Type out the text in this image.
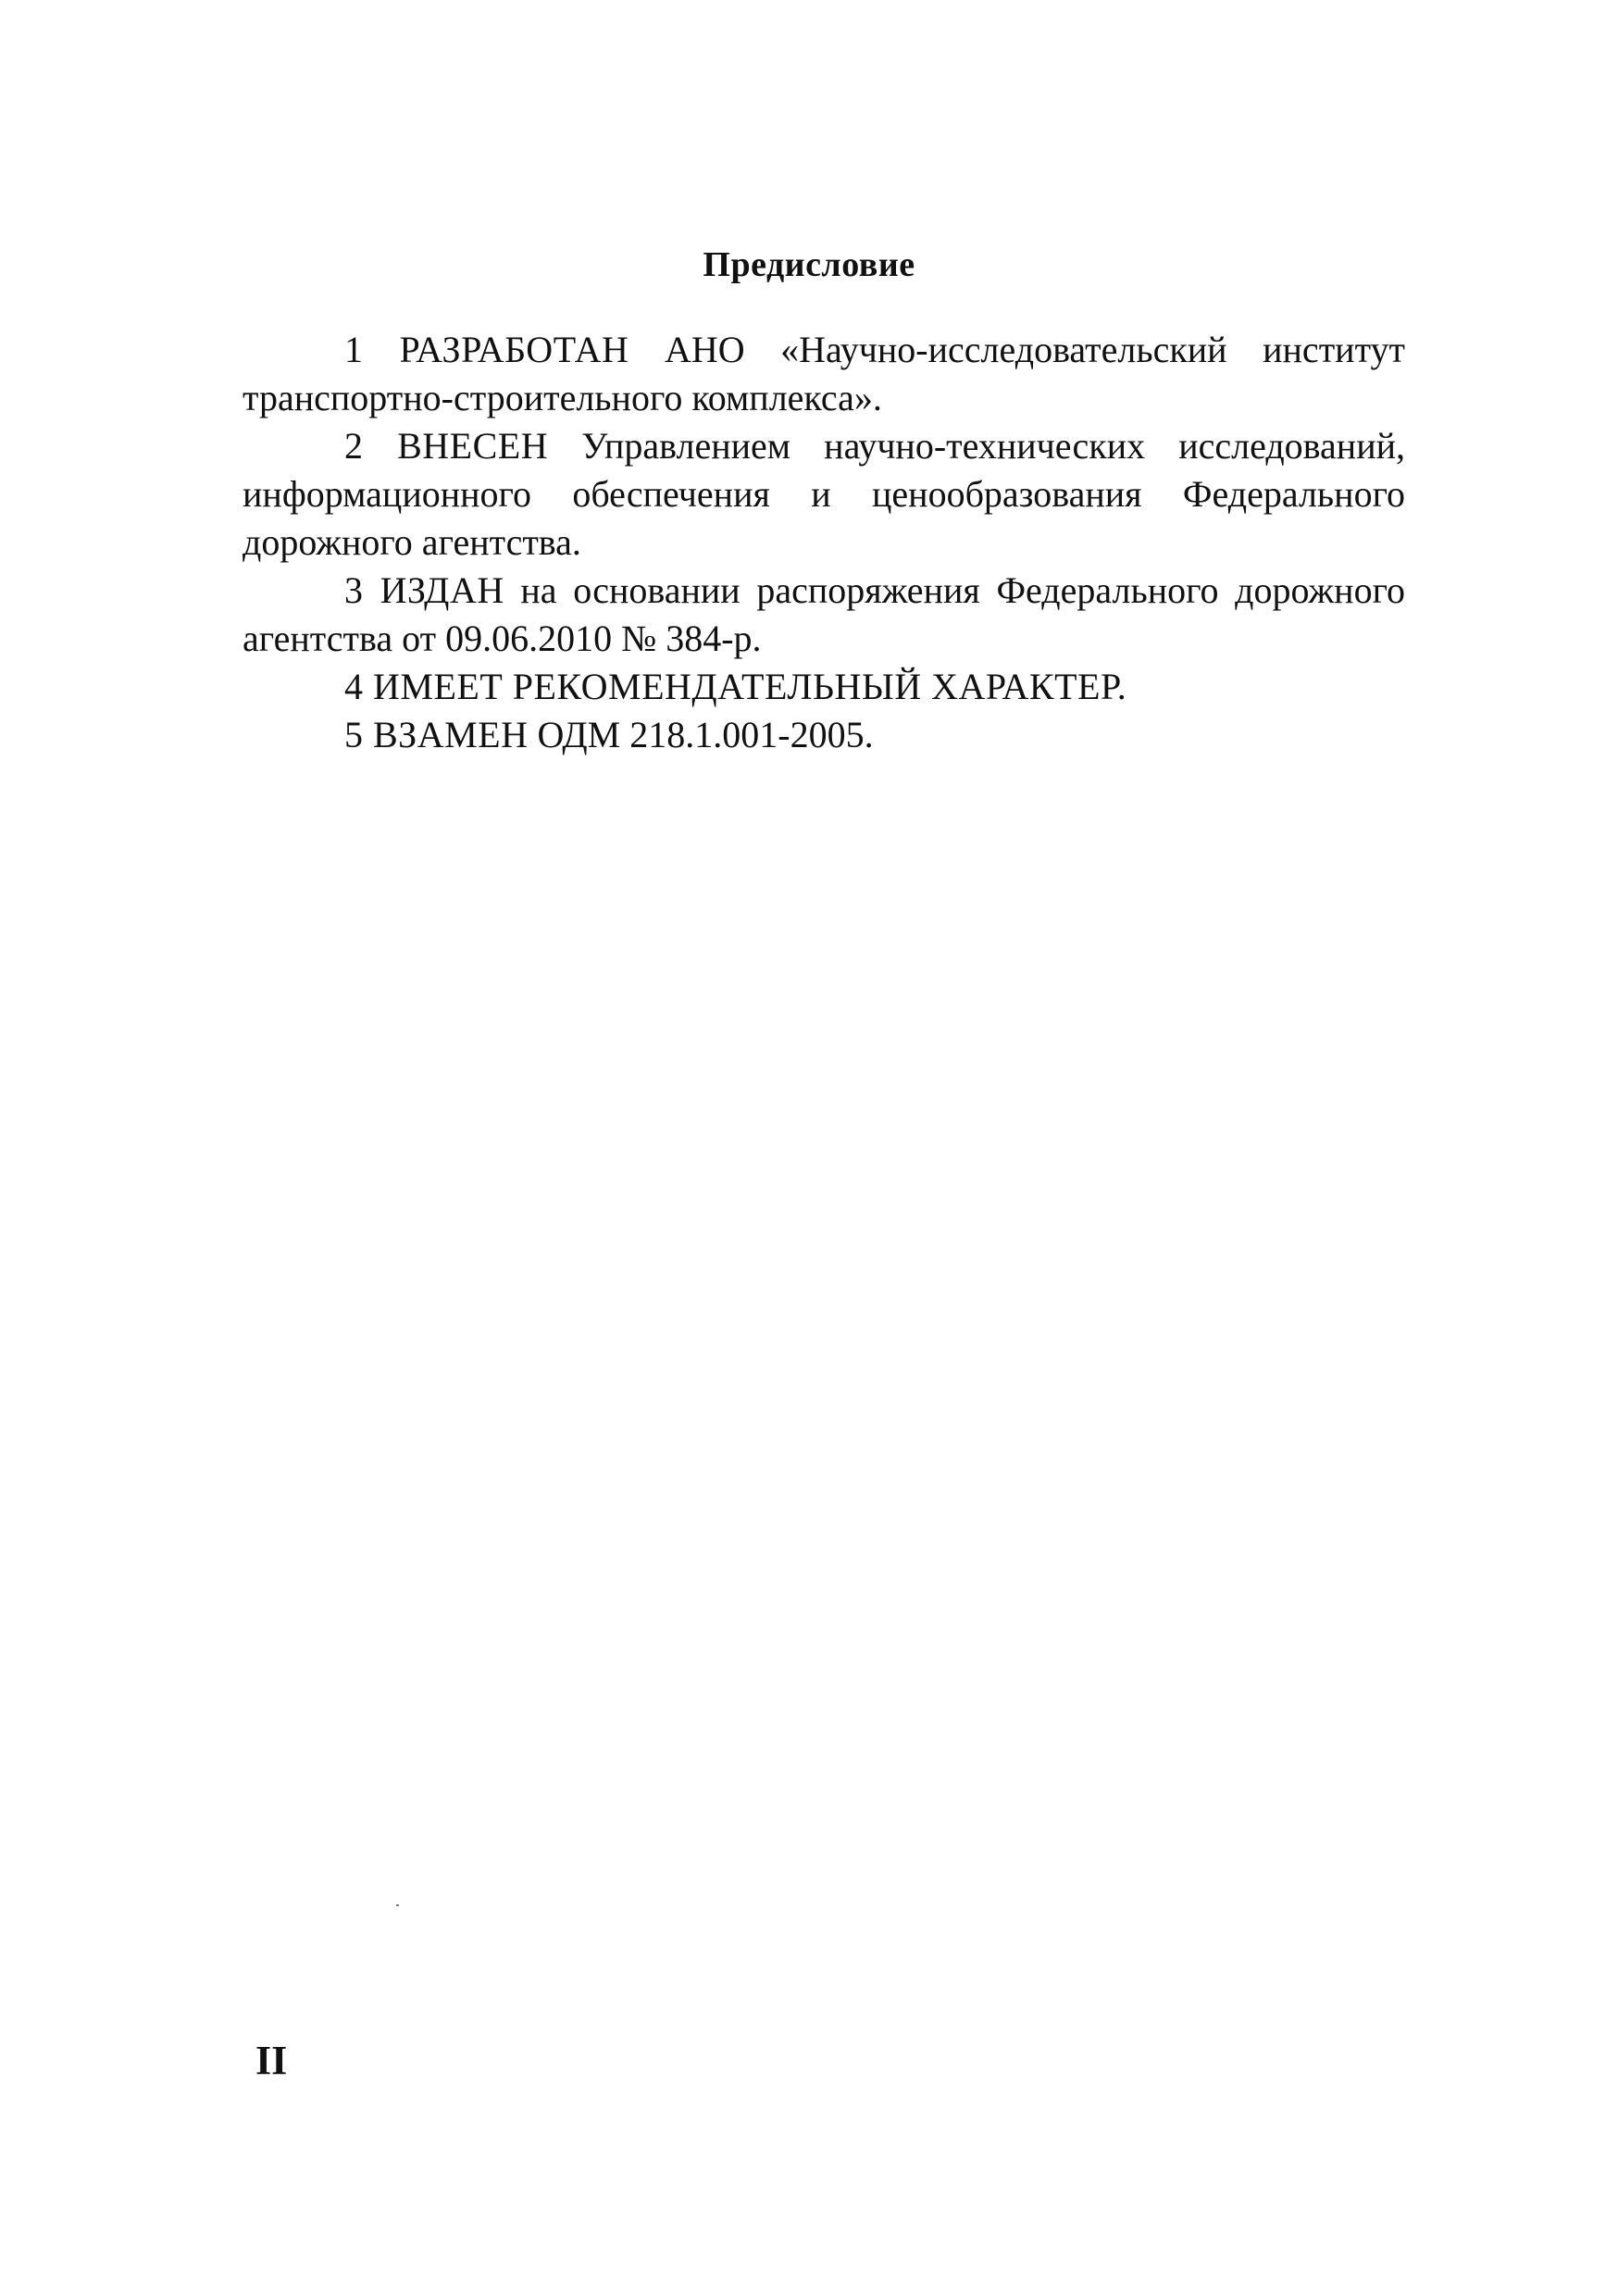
Предисловие

1 РАЗРАБОТАН АНО «Научно-исследовательский институт транспортно-строительного комплекса».

2 ВНЕСЕН Управлением научно-технических исследований, информационного обеспечения и ценообразования Федерального дорожного агентства.

3 ИЗДАН на основании распоряжения Федерального дорожного агентства от 09.06.2010 № 384-р.

4 ИМЕЕТ РЕКОМЕНДАТЕЛЬНЫЙ ХАРАКТЕР.

5 ВЗАМЕН ОДМ 218.1.001-2005.

II
